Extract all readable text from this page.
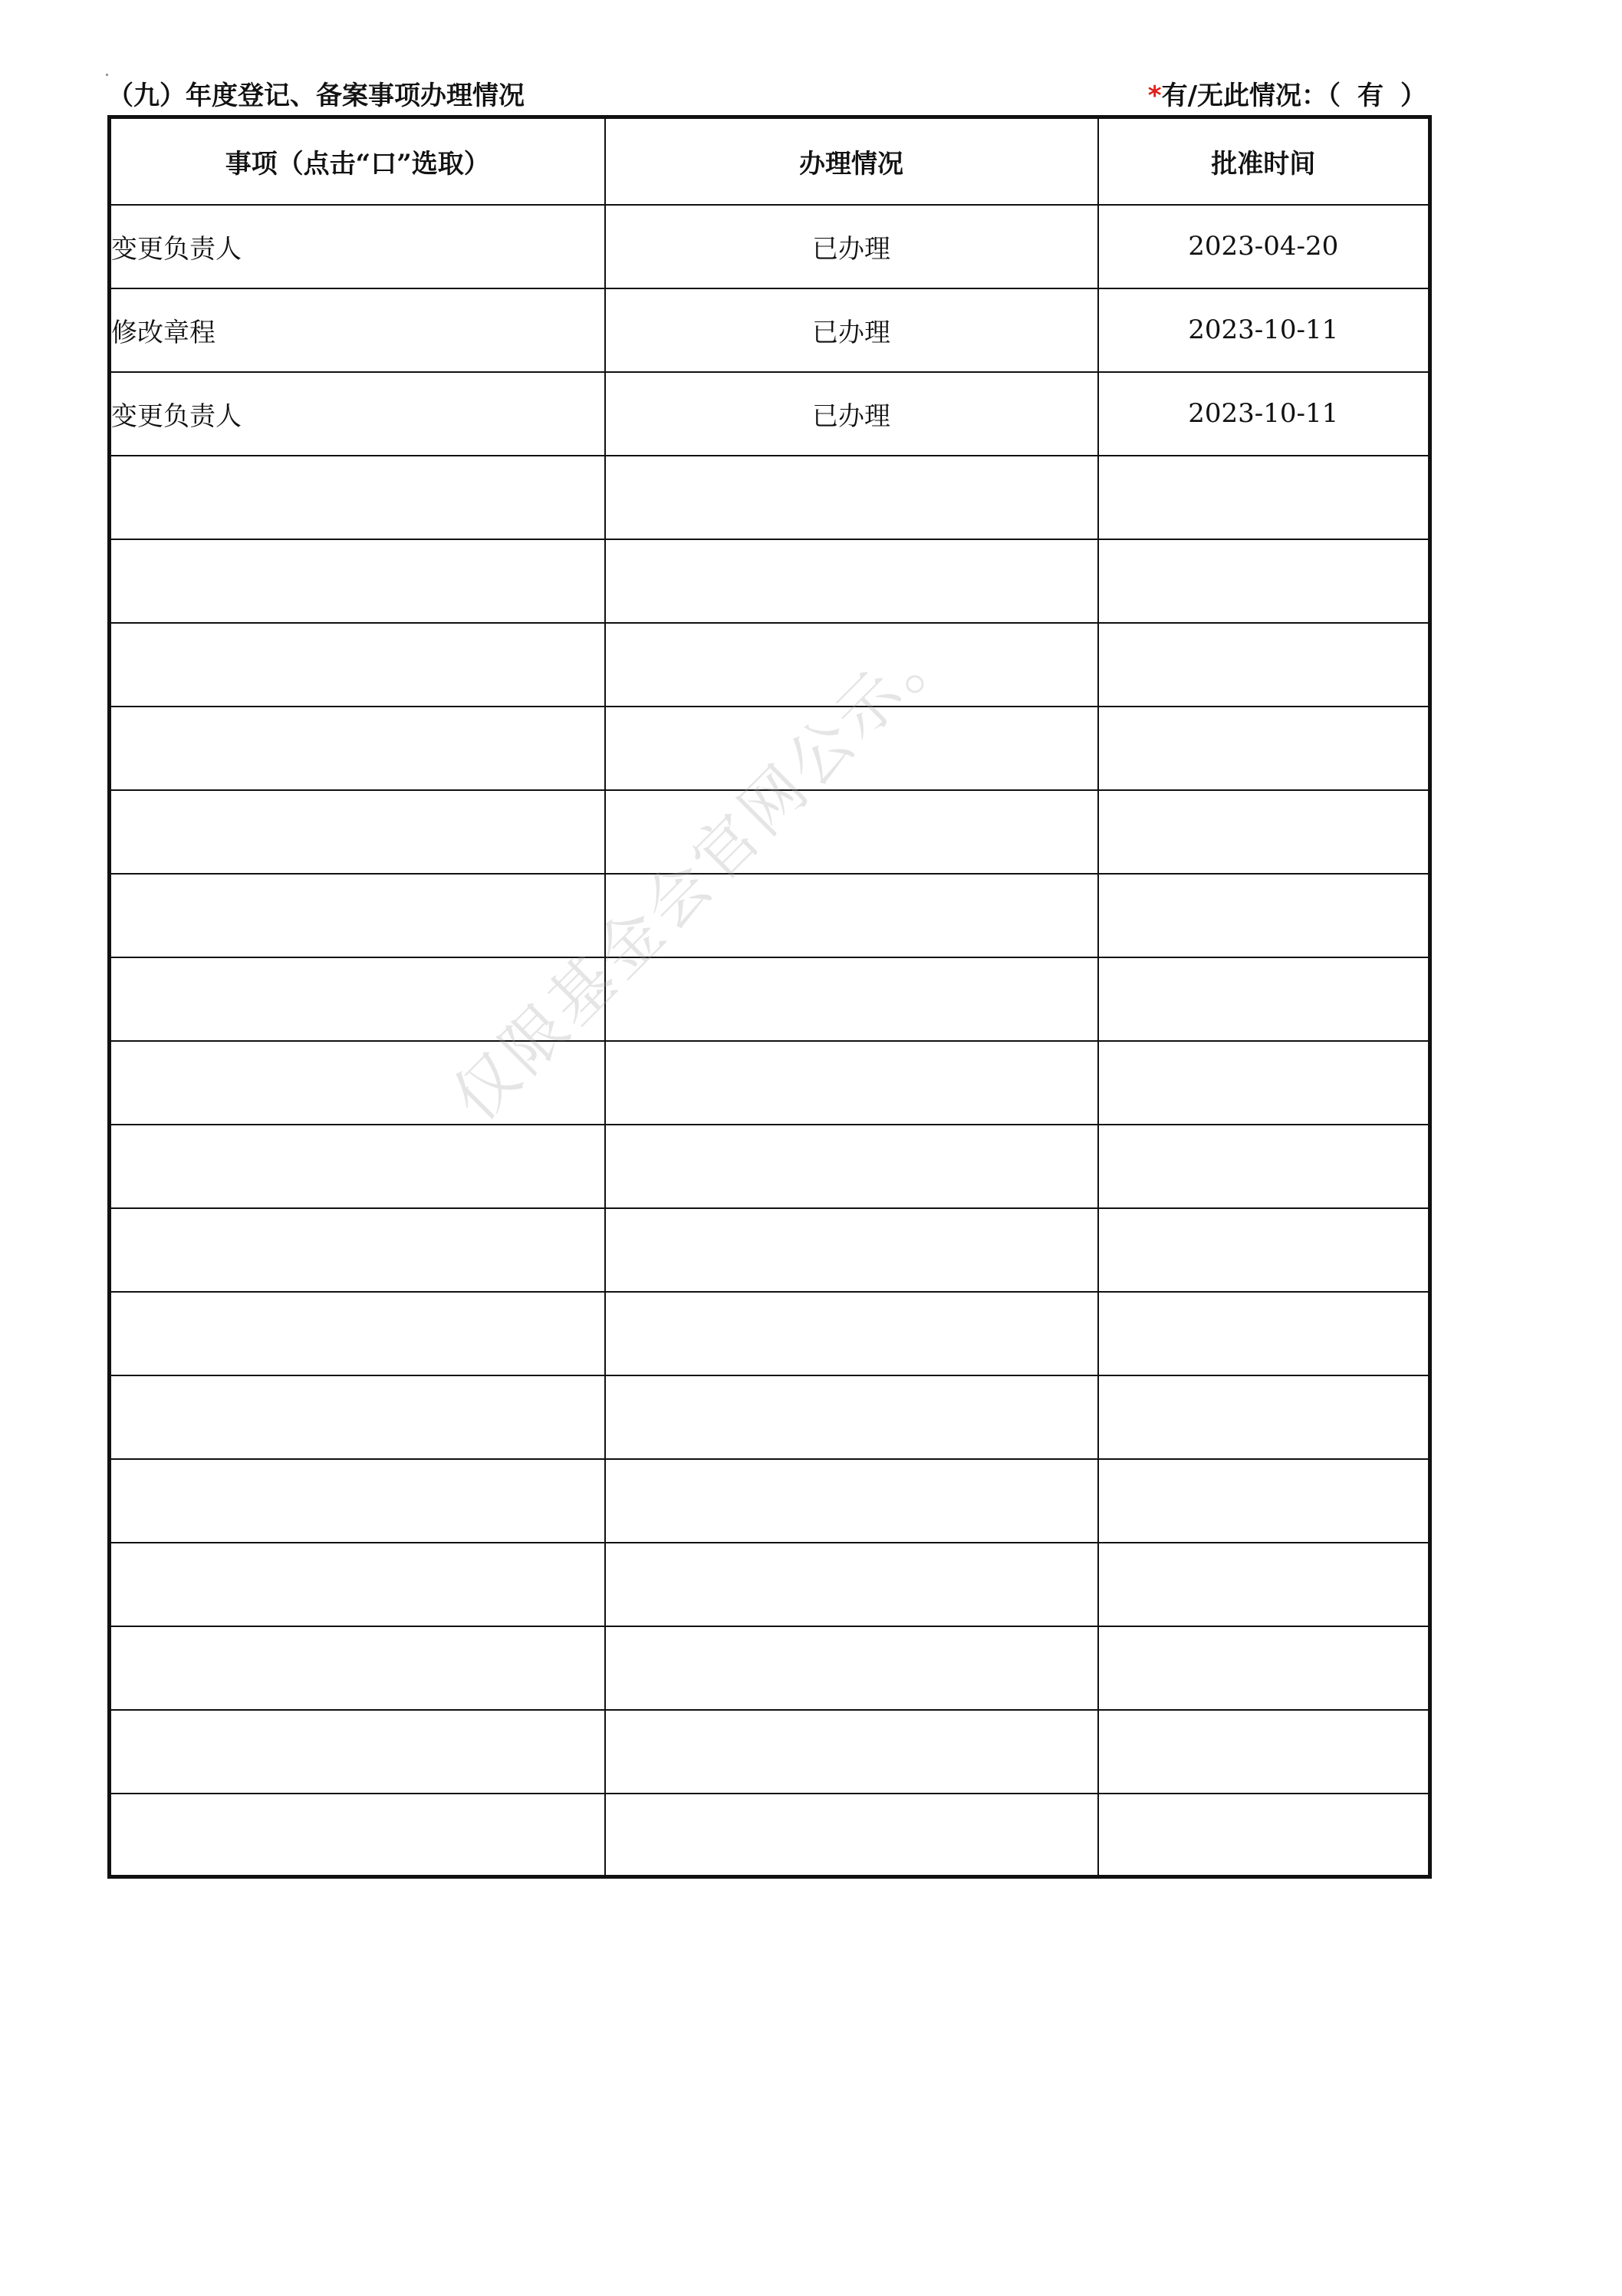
（九）年度登记、备案事项办理情况	*有/无此情况：（ 有 ）
事项（点击“口”选取）	办理情况	批准时间
变更负责人	已办理	2023-04-20
修改章程	已办理	2023-10-11
变更负责人	已办理	2023-10-11

仅限基金会官网公示。
